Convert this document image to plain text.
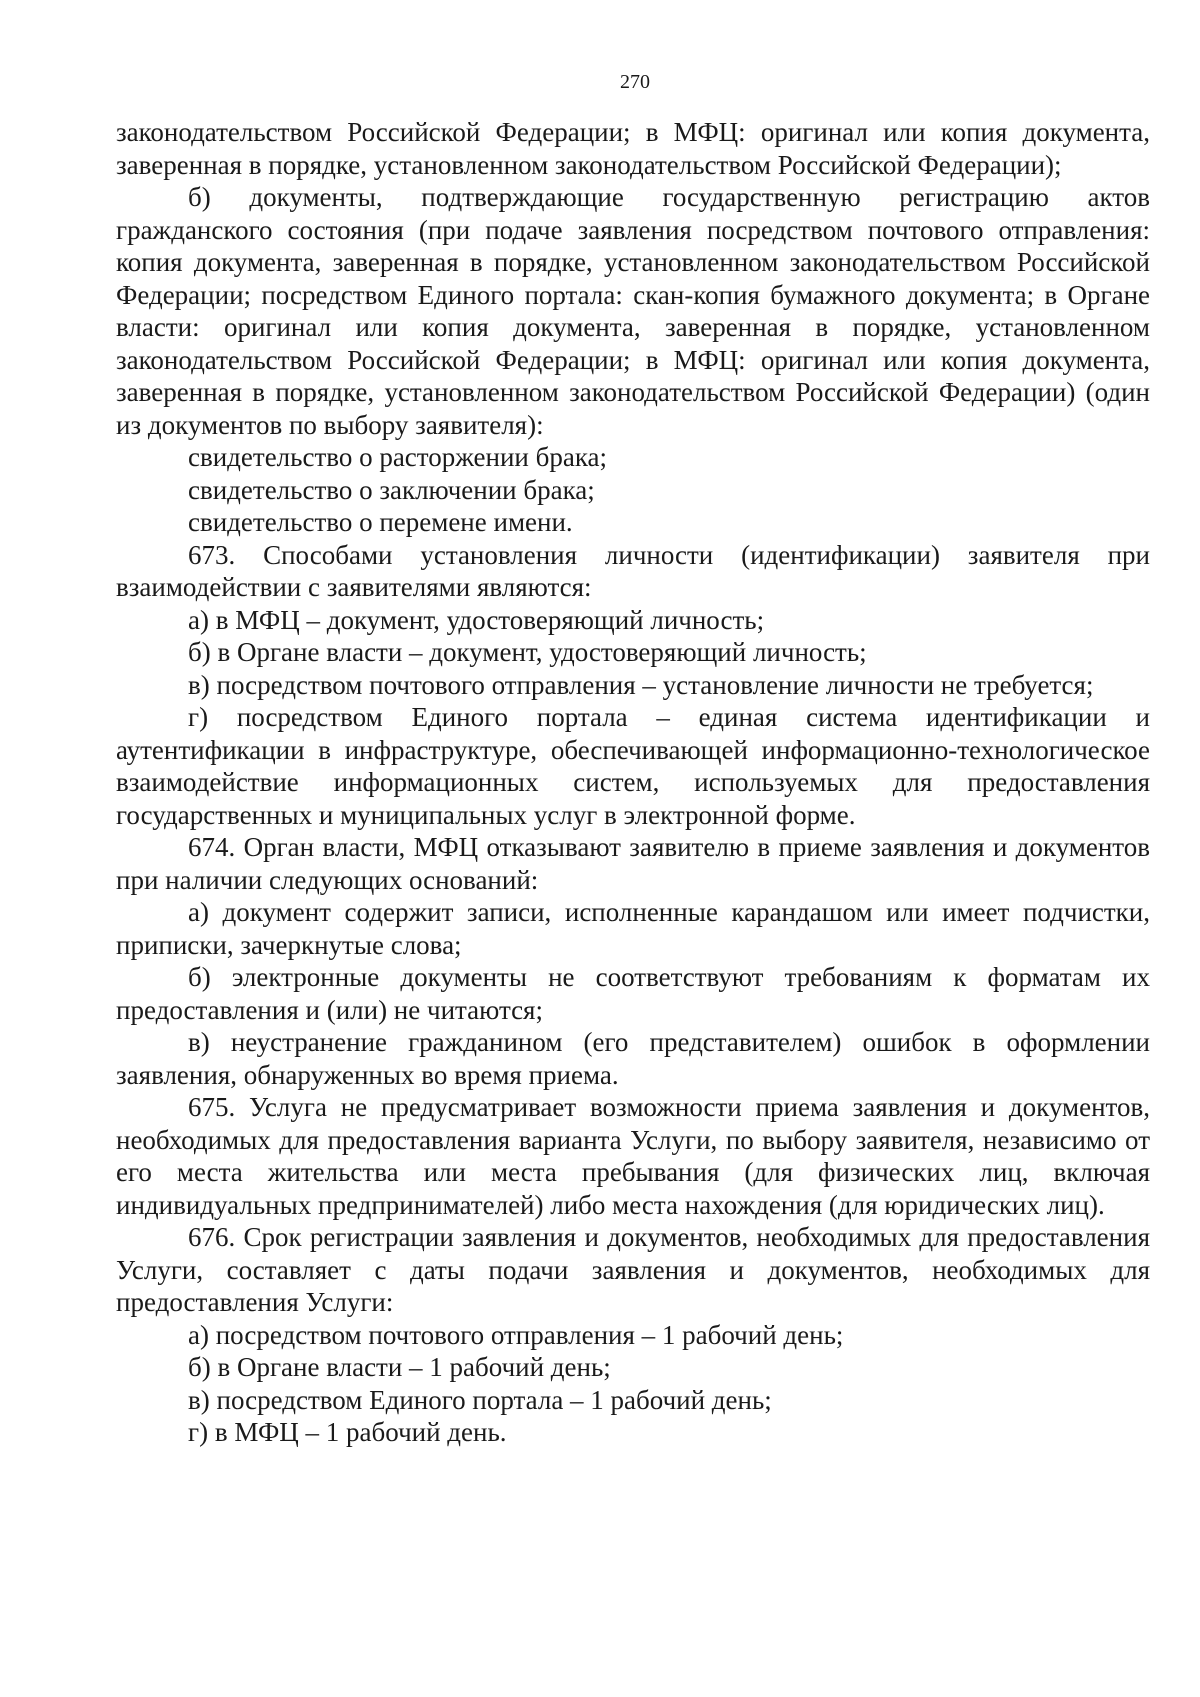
270

законодательством Российской Федерации; в МФЦ: оригинал или копия документа, заверенная в порядке, установленном законодательством Российской Федерации);

б) документы, подтверждающие государственную регистрацию актов гражданского состояния (при подаче заявления посредством почтового отправления: копия документа, заверенная в порядке, установленном законодательством Российской Федерации; посредством Единого портала: скан-копия бумажного документа; в Органе власти: оригинал или копия документа, заверенная в порядке, установленном законодательством Российской Федерации; в МФЦ: оригинал или копия документа, заверенная в порядке, установленном законодательством Российской Федерации) (один из документов по выбору заявителя):

свидетельство о расторжении брака;

свидетельство о заключении брака;

свидетельство о перемене имени.

673. Способами установления личности (идентификации) заявителя при взаимодействии с заявителями являются:

а) в МФЦ – документ, удостоверяющий личность;

б) в Органе власти – документ, удостоверяющий личность;

в) посредством почтового отправления – установление личности не требуется;

г) посредством Единого портала – единая система идентификации и аутентификации в инфраструктуре, обеспечивающей информационно-технологическое взаимодействие информационных систем, используемых для предоставления государственных и муниципальных услуг в электронной форме.

674. Орган власти, МФЦ отказывают заявителю в приеме заявления и документов при наличии следующих оснований:

а) документ содержит записи, исполненные карандашом или имеет подчистки, приписки, зачеркнутые слова;

б) электронные документы не соответствуют требованиям к форматам их предоставления и (или) не читаются;

в) неустранение гражданином (его представителем) ошибок в оформлении заявления, обнаруженных во время приема.

675. Услуга не предусматривает возможности приема заявления и документов, необходимых для предоставления варианта Услуги, по выбору заявителя, независимо от его места жительства или места пребывания (для физических лиц, включая индивидуальных предпринимателей) либо места нахождения (для юридических лиц).

676. Срок регистрации заявления и документов, необходимых для предоставления Услуги, составляет с даты подачи заявления и документов, необходимых для предоставления Услуги:

а) посредством почтового отправления – 1 рабочий день;

б) в Органе власти – 1 рабочий день;

в) посредством Единого портала – 1 рабочий день;

г) в МФЦ – 1 рабочий день.
